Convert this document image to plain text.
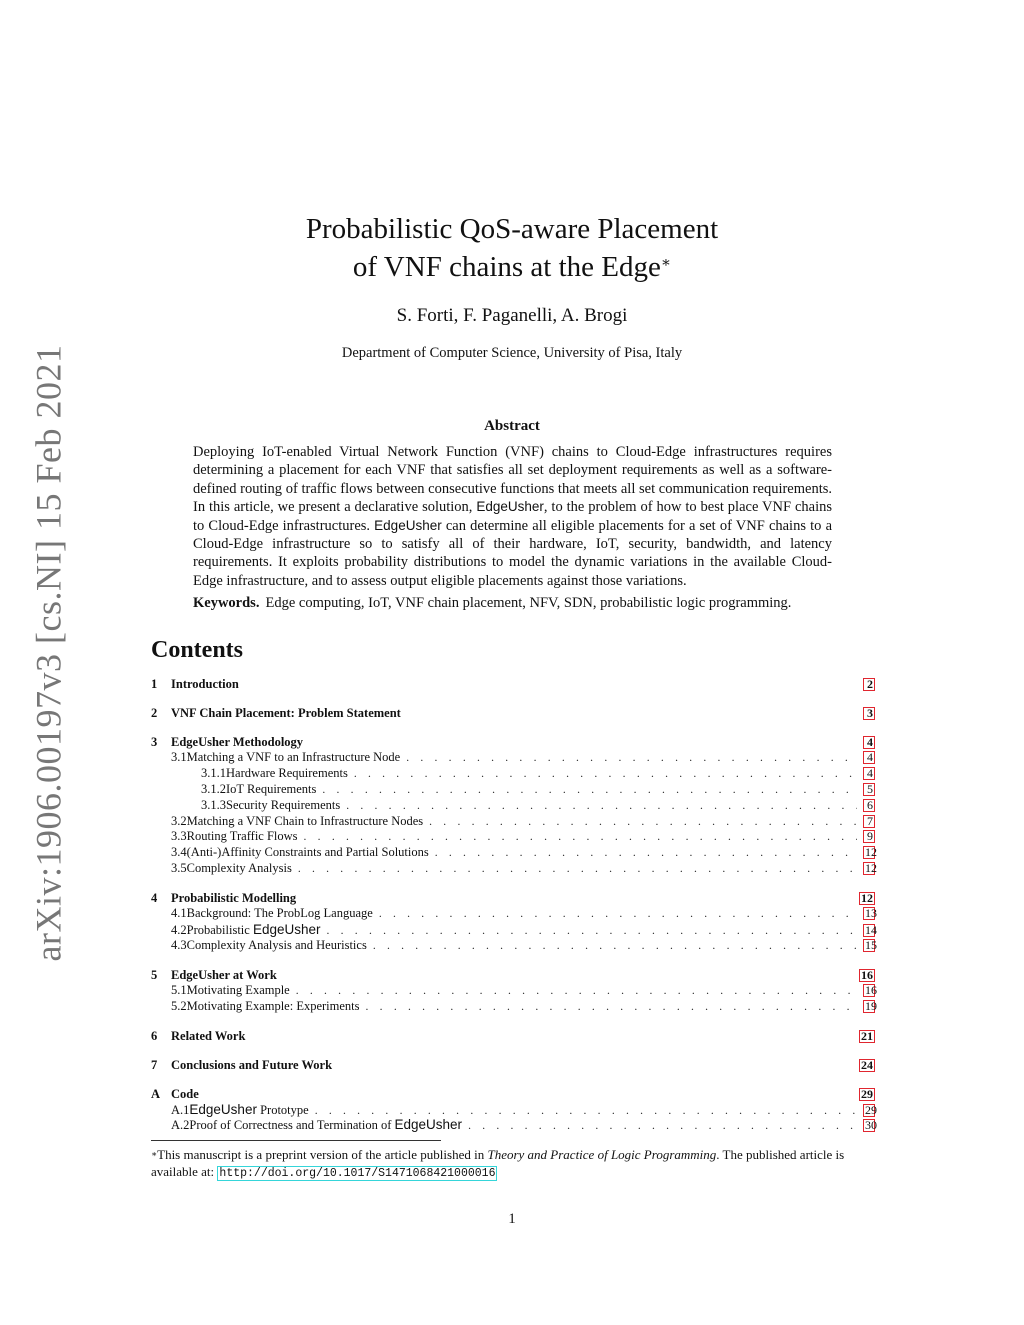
arXiv:1906.00197v3 [cs.NI] 15 Feb 2021
Probabilistic QoS-aware Placement
of VNF chains at the Edge∗
S. Forti, F. Paganelli, A. Brogi
Department of Computer Science, University of Pisa, Italy
Abstract
Deploying IoT-enabled Virtual Network Function (VNF) chains to Cloud-Edge infrastructures requires determining a placement for each VNF that satisfies all set deployment requirements as well as a software-defined routing of traffic flows between consecutive functions that meets all set communication requirements. In this article, we present a declarative solution, EdgeUsher, to the problem of how to best place VNF chains to Cloud-Edge infrastructures. EdgeUsher can determine all eligible placements for a set of VNF chains to a Cloud-Edge infrastructure so to satisfy all of their hardware, IoT, security, bandwidth, and latency requirements. It exploits probability distributions to model the dynamic variations in the available Cloud-Edge infrastructure, and to assess output eligible placements against those variations.
Keywords. Edge computing, IoT, VNF chain placement, NFV, SDN, probabilistic logic programming.
Contents
1	Introduction	2
2	VNF Chain Placement: Problem Statement	3
3	EdgeUsher Methodology	4
3.1 Matching a VNF to an Infrastructure Node . . .	4
3.1.1 Hardware Requirements . . .	4
3.1.2 IoT Requirements . . .	5
3.1.3 Security Requirements . . .	6
3.2 Matching a VNF Chain to Infrastructure Nodes . . .	7
3.3 Routing Traffic Flows . . .	9
3.4 (Anti-)Affinity Constraints and Partial Solutions . . .	12
3.5 Complexity Analysis . . .	12
4	Probabilistic Modelling	12
4.1 Background: The ProbLog Language . . .	13
4.2 Probabilistic EdgeUsher . . .	14
4.3 Complexity Analysis and Heuristics . . .	15
5	EdgeUsher at Work	16
5.1 Motivating Example . . .	16
5.2 Motivating Example: Experiments . . .	19
6	Related Work	21
7	Conclusions and Future Work	24
A Code	29
A.1 EdgeUsher Prototype . . .	29
A.2 Proof of Correctness and Termination of EdgeUsher . . .	30
∗This manuscript is a preprint version of the article published in Theory and Practice of Logic Programming. The published article is available at: http://doi.org/10.1017/S1471068421000016
1
